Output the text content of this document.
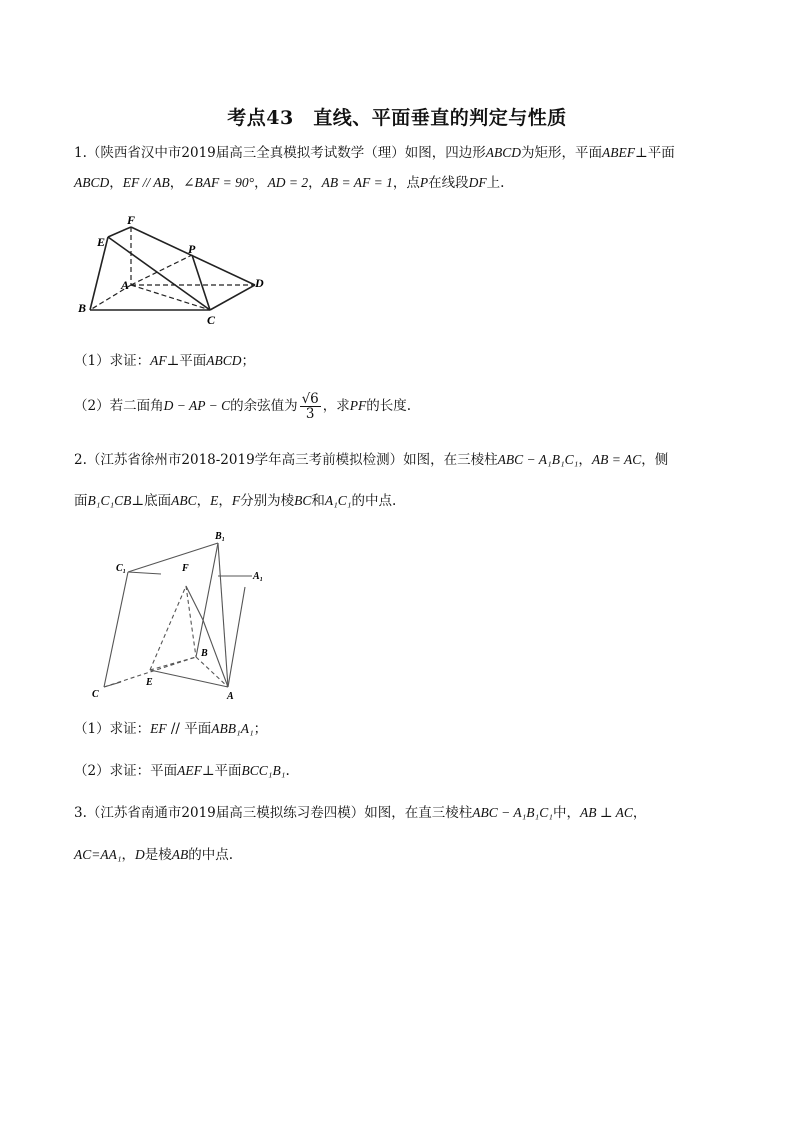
考点43　直线、平面垂直的判定与性质
1.（陕西省汉中市2019届高三全真模拟考试数学（理）如图，四边形ABCD为矩形，平面ABEF⊥平面
ABCD，EF // AB，∠BAF = 90°，AD = 2，AB = AF = 1，点P在线段DF上.
F
E	P
A	D
B
C
（1）求证：AF⊥平面ABCD；
（2）若二面角D − AP − C的余弦值为 $\frac{√6}{3}$ ，求PF的长度.
2.（江苏省徐州市2018-2019学年高三考前模拟检测）如图，在三棱柱ABC − A₁B₁C₁，AB = AC，侧
面B₁C₁CB⊥底面ABC，E，F分别为棱BC和A₁C₁的中点.
B₁
C₁	F
A₁
B
E
C	A
（1）求证：EF // 平面ABB₁A₁；
（2）求证：平面AEF⊥平面BCC₁B₁.
3.（江苏省南通市2019届高三模拟练习卷四模）如图，在直三棱柱ABC − A₁B₁C₁中，AB ⊥ AC，
AC=AA₁，D是棱AB的中点.
